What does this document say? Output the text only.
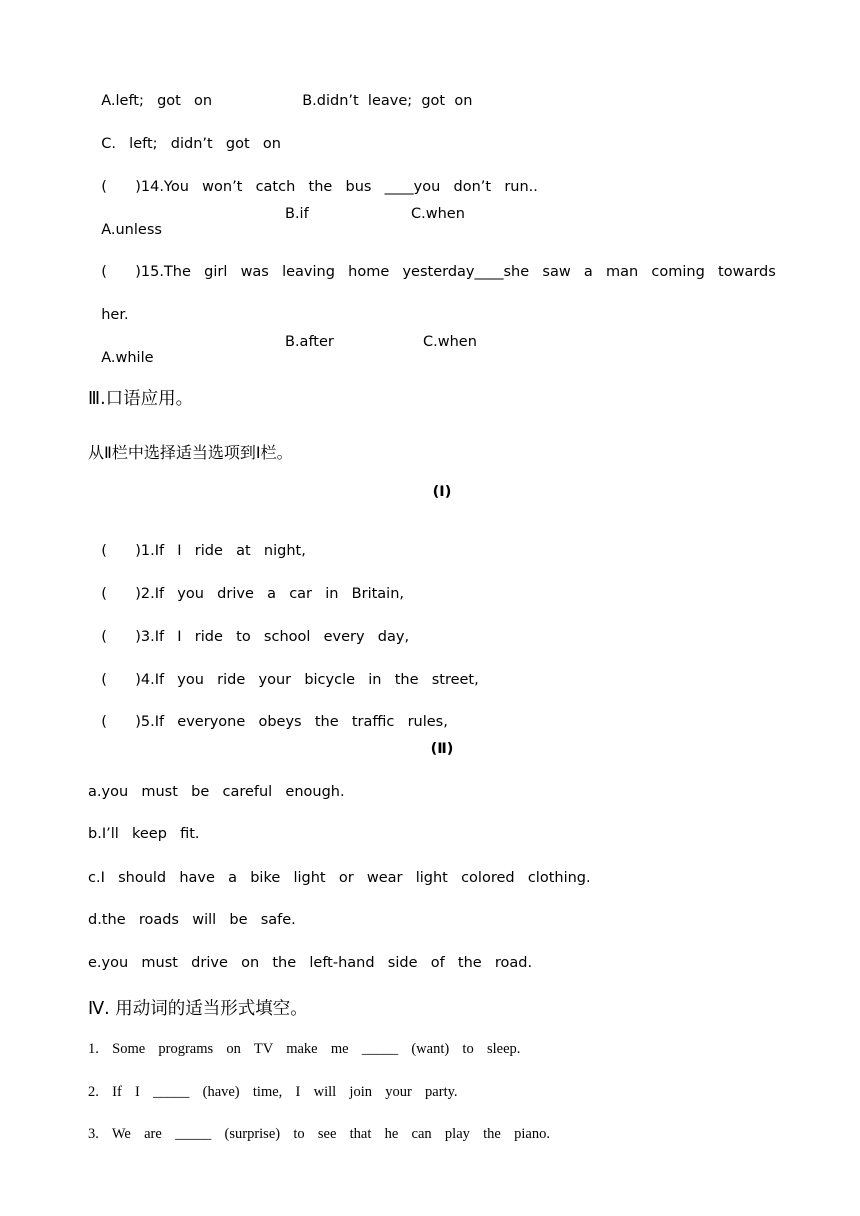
A.left;  got  on	B.didn’t  leave;  got  on

C.  left;  didn’t  got  on

( )14.You  won’t  catch  the  bus  ____you  don’t  run..

A.unless

B.if	C.when

( )15.The  girl  was  leaving  home  yesterday____she  saw  a  man  coming  towards

her.

A.while

B.after	C.when
Ⅲ.口语应用。
从Ⅱ栏中选择适当选项到Ⅰ栏。
(Ⅰ)

( )1.If  I  ride  at  night,

( )2.If  you  drive  a  car  in  Britain,

( )3.If  I  ride  to  school  every  day,

( )4.If  you  ride  your  bicycle  in  the  street,

( )5.If  everyone  obeys  the  traffic  rules,

(Ⅱ)
a.you  must  be  careful  enough.
b.I’ll  keep  fit.
c.I  should  have  a  bike  light  or  wear  light  colored  clothing.
d.the  roads  will  be  safe.
e.you  must  drive  on  the  left-hand  side  of  the  road.
Ⅳ. 用动词的适当形式填空。
1.  Some  programs  on  TV  make  me  _____  (want)  to  sleep.
2.  If  I  _____  (have)  time,  I  will  join  your  party.
3.  We  are  _____  (surprise)  to  see  that  he  can  play  the  piano.
